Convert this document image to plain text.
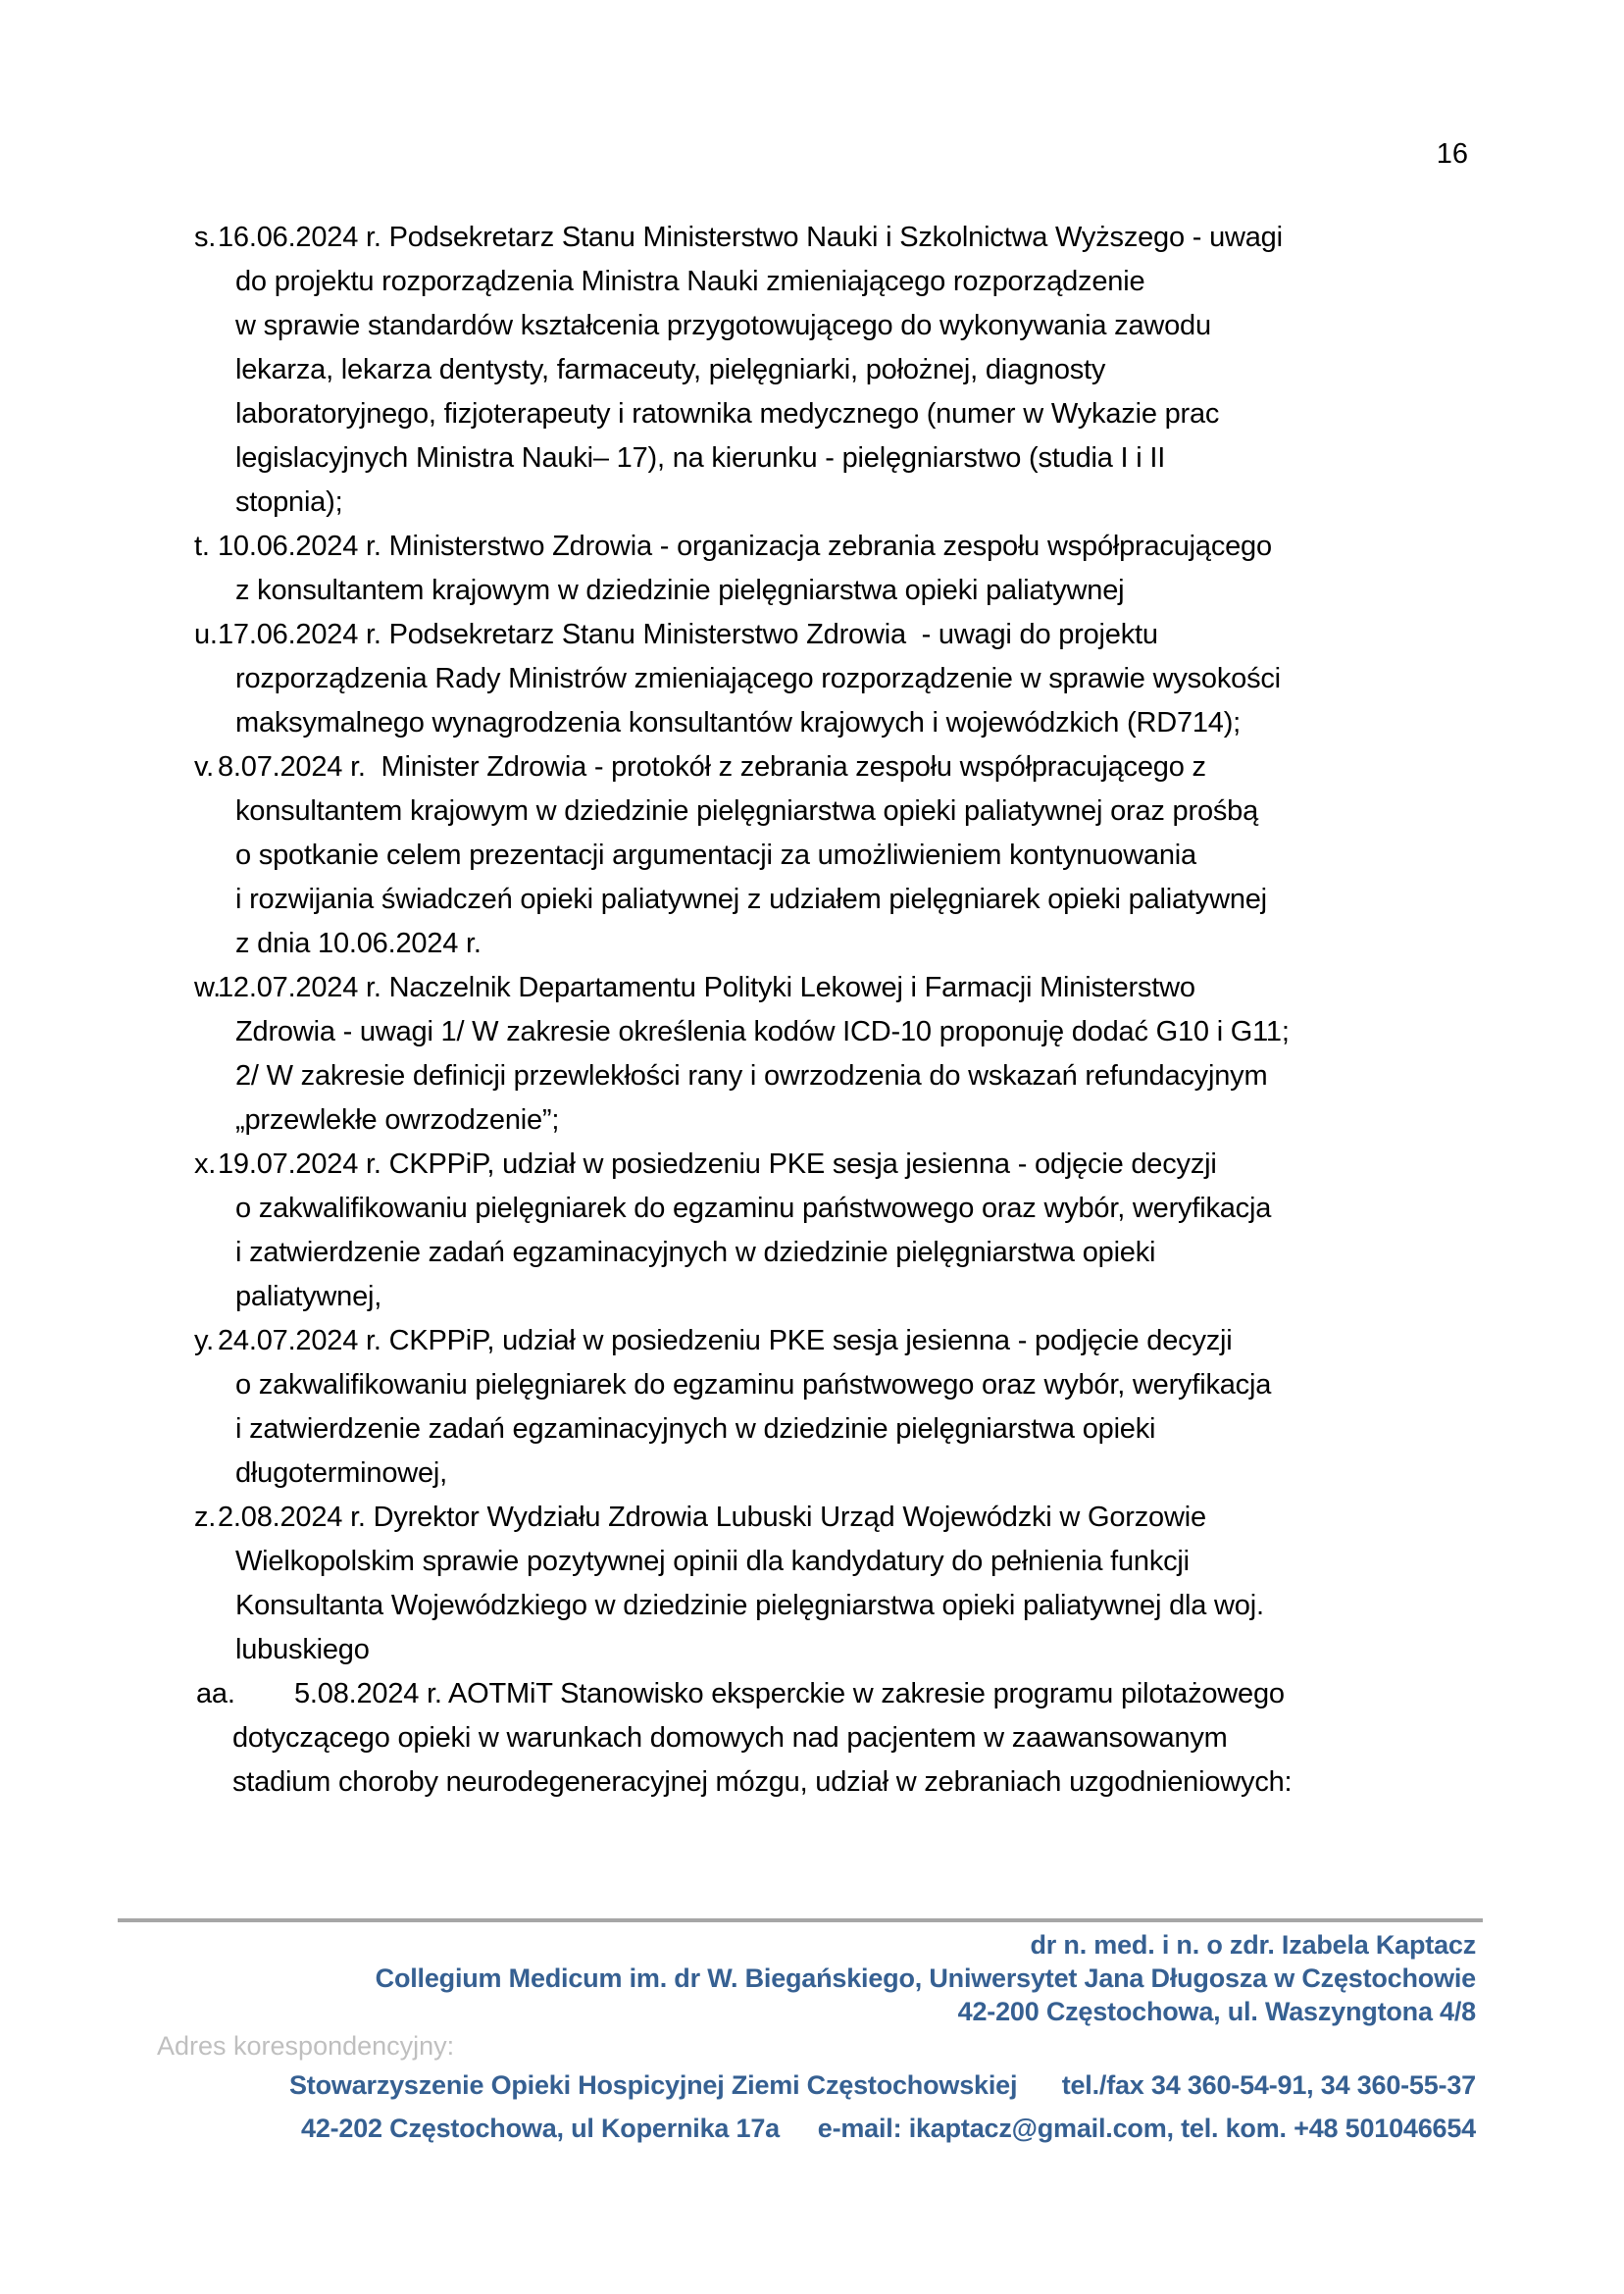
16
s. 16.06.2024 r. Podsekretarz Stanu Ministerstwo Nauki i Szkolnictwa Wyższego - uwagi
do projektu rozporządzenia Ministra Nauki zmieniającego rozporządzenie
w sprawie standardów kształcenia przygotowującego do wykonywania zawodu
lekarza, lekarza dentysty, farmaceuty, pielęgniarki, położnej, diagnosty
laboratoryjnego, fizjoterapeuty i ratownika medycznego (numer w Wykazie prac
legislacyjnych Ministra Nauki– 17), na kierunku - pielęgniarstwo (studia I i II
stopnia);
t. 10.06.2024 r. Ministerstwo Zdrowia - organizacja zebrania zespołu współpracującego
z konsultantem krajowym w dziedzinie pielęgniarstwa opieki paliatywnej
u. 17.06.2024 r. Podsekretarz Stanu Ministerstwo Zdrowia  - uwagi do projektu
rozporządzenia Rady Ministrów zmieniającego rozporządzenie w sprawie wysokości
maksymalnego wynagrodzenia konsultantów krajowych i wojewódzkich (RD714);
v. 8.07.2024 r.  Minister Zdrowia - protokół z zebrania zespołu współpracującego z
konsultantem krajowym w dziedzinie pielęgniarstwa opieki paliatywnej oraz prośbą
o spotkanie celem prezentacji argumentacji za umożliwieniem kontynuowania
i rozwijania świadczeń opieki paliatywnej z udziałem pielęgniarek opieki paliatywnej
z dnia 10.06.2024 r.
w.
12.07.2024 r. Naczelnik Departamentu Polityki Lekowej i Farmacji Ministerstwo
Zdrowia - uwagi 1/ W zakresie określenia kodów ICD-10 proponuję dodać G10 i G11;
2/ W zakresie definicji przewlekłości rany i owrzodzenia do wskazań refundacyjnym
„przewlekłe owrzodzenie”;
x. 19.07.2024 r. CKPPiP, udział w posiedzeniu PKE sesja jesienna - odjęcie decyzji
o zakwalifikowaniu pielęgniarek do egzaminu państwowego oraz wybór, weryfikacja
i zatwierdzenie zadań egzaminacyjnych w dziedzinie pielęgniarstwa opieki
paliatywnej,
y. 24.07.2024 r. CKPPiP, udział w posiedzeniu PKE sesja jesienna - podjęcie decyzji
o zakwalifikowaniu pielęgniarek do egzaminu państwowego oraz wybór, weryfikacja
i zatwierdzenie zadań egzaminacyjnych w dziedzinie pielęgniarstwa opieki
długoterminowej,
z. 2.08.2024 r. Dyrektor Wydziału Zdrowia Lubuski Urząd Wojewódzki w Gorzowie
Wielkopolskim sprawie pozytywnej opinii dla kandydatury do pełnienia funkcji
Konsultanta Wojewódzkiego w dziedzinie pielęgniarstwa opieki paliatywnej dla woj.
lubuskiego
aa. 5.08.2024 r. AOTMiT Stanowisko eksperckie w zakresie programu pilotażowego
dotyczącego opieki w warunkach domowych nad pacjentem w zaawansowanym
stadium choroby neurodegeneracyjnej mózgu, udział w zebraniach uzgodnieniowych:
dr n. med. i n. o zdr. Izabela Kaptacz
Collegium Medicum im. dr W. Biegańskiego, Uniwersytet Jana Długosza w Częstochowie
42-200 Częstochowa, ul. Waszyngtona 4/8
Adres korespondencyjny:
Stowarzyszenie Opieki Hospicyjnej Ziemi Częstochowskiej tel./fax 34 360-54-91, 34 360-55-37
42-202 Częstochowa, ul Kopernika 17a e-mail: ikaptacz@gmail.com, tel. kom. +48 501046654
